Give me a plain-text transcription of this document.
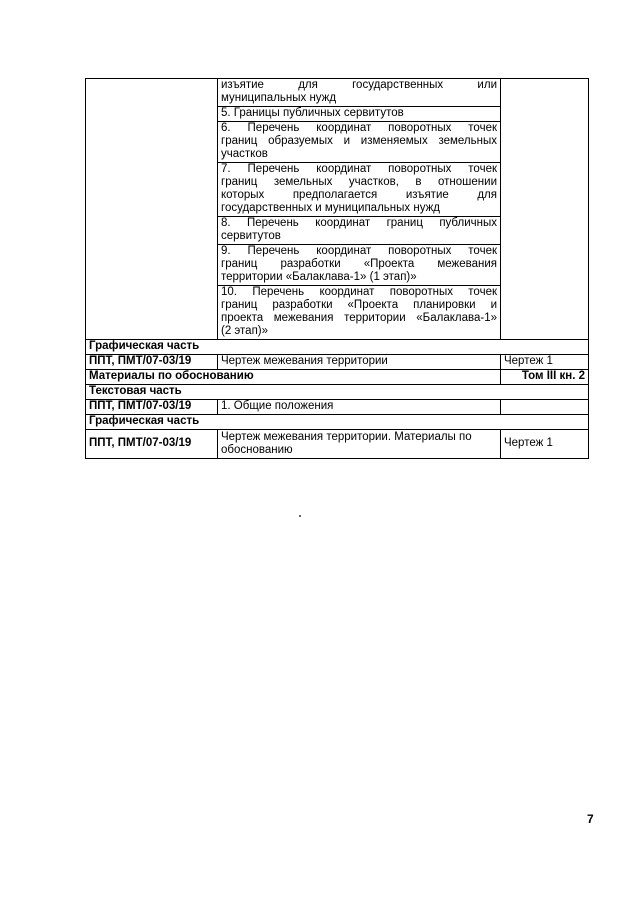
	изъятие для государственных или
муниципальных нужд	

	5. Границы публичных сервитутов	

	6. Перечень координат поворотных точек
границ образуемых и изменяемых земельных
участков	

	7. Перечень координат поворотных точек
границ земельных участков, в отношении
которых предполагается изъятие для
государственных и муниципальных нужд	

	8. Перечень координат границ публичных
сервитутов	

	9. Перечень координат поворотных точек
границ разработки «Проекта межевания
территории «Балаклава-1» (1 этап)»	

	10. Перечень координат поворотных точек
границ разработки «Проекта планировки и
проекта межевания территории «Балаклава-1»
(2 этап)»	

Графическая часть		
ППТ, ПМТ/07-03/19	Чертеж межевания территории	Чертеж 1
Материалы по обоснованию		Том III кн. 2
Текстовая часть		
ППТ, ПМТ/07-03/19	1. Общие положения	
Графическая часть		
ППТ, ПМТ/07-03/19	Чертеж межевания территории. Материалы по
обоснованию	Чертеж 1
7
